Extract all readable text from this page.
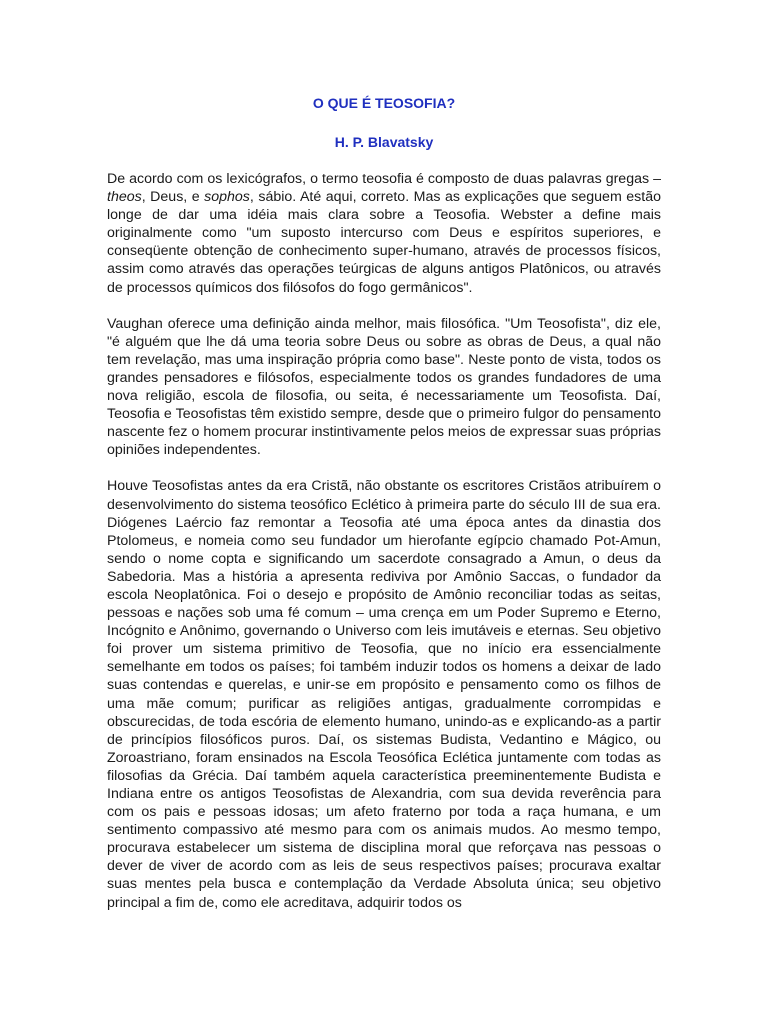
O QUE É TEOSOFIA?
H. P. Blavatsky

De acordo com os lexicógrafos, o termo teosofia é composto de duas palavras gregas – theos, Deus, e sophos, sábio. Até aqui, correto. Mas as explicações que seguem estão longe de dar uma idéia mais clara sobre a Teosofia. Webster a define mais originalmente como "um suposto intercurso com Deus e espíritos superiores, e conseqüente obtenção de conhecimento super-humano, através de processos físicos, assim como através das operações teúrgicas de alguns antigos Platônicos, ou através de processos químicos dos filósofos do fogo germânicos".

Vaughan oferece uma definição ainda melhor, mais filosófica. "Um Teosofista", diz ele, "é alguém que lhe dá uma teoria sobre Deus ou sobre as obras de Deus, a qual não tem revelação, mas uma inspiração própria como base". Neste ponto de vista, todos os grandes pensadores e filósofos, especialmente todos os grandes fundadores de uma nova religião, escola de filosofia, ou seita, é necessariamente um Teosofista. Daí, Teosofia e Teosofistas têm existido sempre, desde que o primeiro fulgor do pensamento nascente fez o homem procurar instintivamente pelos meios de expressar suas próprias opiniões independentes.

Houve Teosofistas antes da era Cristã, não obstante os escritores Cristãos atribuírem o desenvolvimento do sistema teosófico Eclético à primeira parte do século III de sua era. Diógenes Laércio faz remontar a Teosofia até uma época antes da dinastia dos Ptolomeus, e nomeia como seu fundador um hierofante egípcio chamado Pot-Amun, sendo o nome copta e significando um sacerdote consagrado a Amun, o deus da Sabedoria. Mas a história a apresenta rediviva por Amônio Saccas, o fundador da escola Neoplatônica. Foi o desejo e propósito de Amônio reconciliar todas as seitas, pessoas e nações sob uma fé comum – uma crença em um Poder Supremo e Eterno, Incógnito e Anônimo, governando o Universo com leis imutáveis e eternas. Seu objetivo foi prover um sistema primitivo de Teosofia, que no início era essencialmente semelhante em todos os países; foi também induzir todos os homens a deixar de lado suas contendas e querelas, e unir-se em propósito e pensamento como os filhos de uma mãe comum; purificar as religiões antigas, gradualmente corrompidas e obscurecidas, de toda escória de elemento humano, unindo-as e explicando-as a partir de princípios filosóficos puros. Daí, os sistemas Budista, Vedantino e Mágico, ou Zoroastriano, foram ensinados na Escola Teosófica Eclética juntamente com todas as filosofias da Grécia. Daí também aquela característica preeminentemente Budista e Indiana entre os antigos Teosofistas de Alexandria, com sua devida reverência para com os pais e pessoas idosas; um afeto fraterno por toda a raça humana, e um sentimento compassivo até mesmo para com os animais mudos. Ao mesmo tempo, procurava estabelecer um sistema de disciplina moral que reforçava nas pessoas o dever de viver de acordo com as leis de seus respectivos países; procurava exaltar suas mentes pela busca e contemplação da Verdade Absoluta única; seu objetivo principal a fim de, como ele acreditava, adquirir todos os
